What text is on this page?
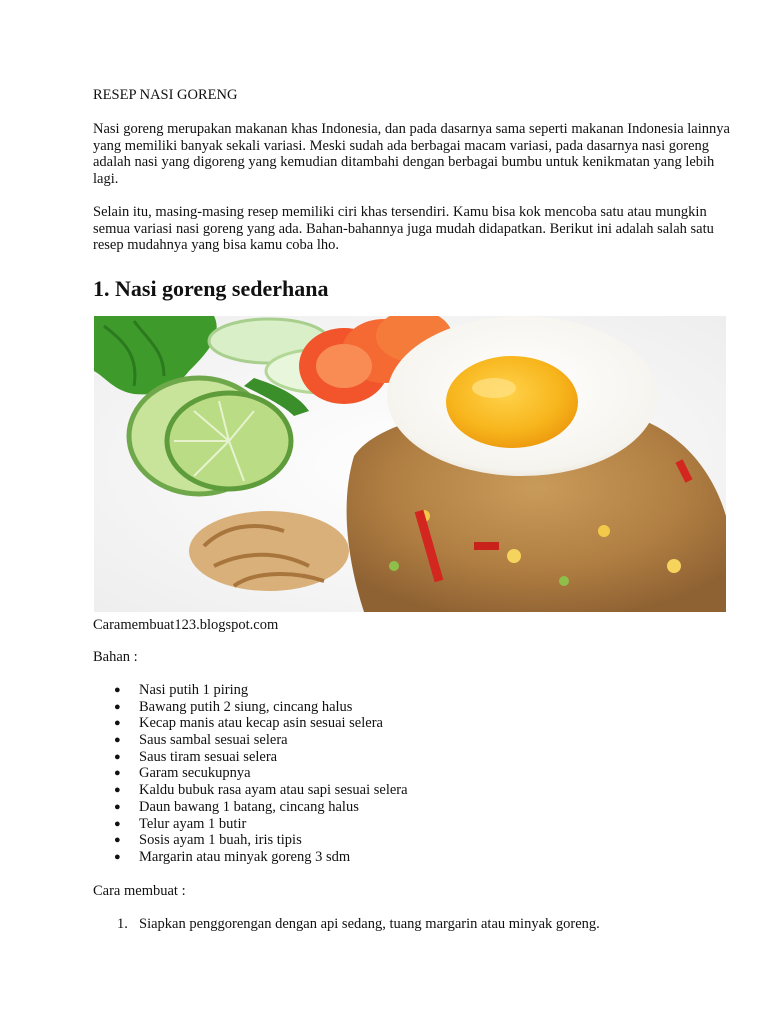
RESEP NASI GORENG

Nasi goreng merupakan makanan khas Indonesia, dan pada dasarnya sama seperti makanan Indonesia lainnya yang memiliki banyak sekali variasi. Meski sudah ada berbagai macam variasi, pada dasarnya nasi goreng adalah nasi yang digoreng yang kemudian ditambahi dengan berbagai bumbu untuk kenikmatan yang lebih lagi.

Selain itu, masing-masing resep memiliki ciri khas tersendiri. Kamu bisa kok mencoba satu atau mungkin semua variasi nasi goreng yang ada. Bahan-bahannya juga mudah didapatkan. Berikut ini adalah salah satu resep mudahnya yang bisa kamu coba lho.

1. Nasi goreng sederhana
Caramembuat123.blogspot.com
Bahan :
● Nasi putih 1 piring
● Bawang putih 2 siung, cincang halus
● Kecap manis atau kecap asin sesuai selera
● Saus sambal sesuai selera
● Saus tiram sesuai selera
● Garam secukupnya
● Kaldu bubuk rasa ayam atau sapi sesuai selera
● Daun bawang 1 batang, cincang halus
● Telur ayam 1 butir
● Sosis ayam 1 buah, iris tipis
● Margarin atau minyak goreng 3 sdm
Cara membuat :
1. Siapkan penggorengan dengan api sedang, tuang margarin atau minyak goreng.
